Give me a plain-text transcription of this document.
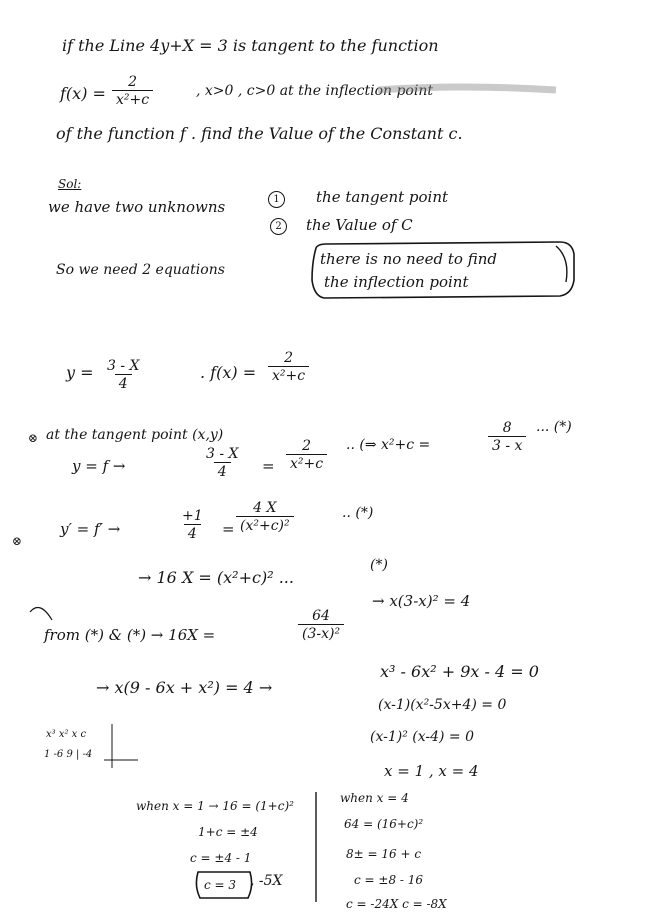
if the Line 4y+X = 3 is tangent to the function
$f(x) = \frac{2}{\text{x²+c}}$	, x>0 , c>0 at the inflection point
of the function f . find the Value of the Constant c.
Sol:
we have two unknowns	1	the tangent point
2	the Value of C
So we need 2 equations
there is no need to find
the inflection point
$y = \frac{3 - X}{4}$	. $f(x) = \frac{2}{\text{x²+c}}$
⊗ at the tangent point (x,y)
y = f →	$\frac{3 - X}{4} = \frac{2}{\text{x²+c}}$ .. (⇒ x²+c =	$\frac{8}{3 - x}$ ... (*)
⊗
y′ = f′ →	$\frac{+1}{4} = \frac{4 X}{\text{(x²+c)²}}$	.. (*)
→ 16 X = (x²+c)² ...
(*)
from (*) & (*) → 16X =	$\frac{64}{\text{(3-x)²}}$
→ x(3-x)² = 4
→ x(9 - 6x + x²) = 4 →
x³ - 6x² + 9x - 4 = 0
(x-1)(x²-5x+4) = 0
(x-1)² (x-4) = 0
x = 1 , x = 4
x³ x² x c
1 -6 9 | -4
when x = 1 → 16 = (1+c)²
1+c = ±4
c = ±4 - 1
c = 3 , -5X
when x = 4
64 = (16+c)²
8± = 16 + c
c = ±8 - 16
c = -24X c = -8X
